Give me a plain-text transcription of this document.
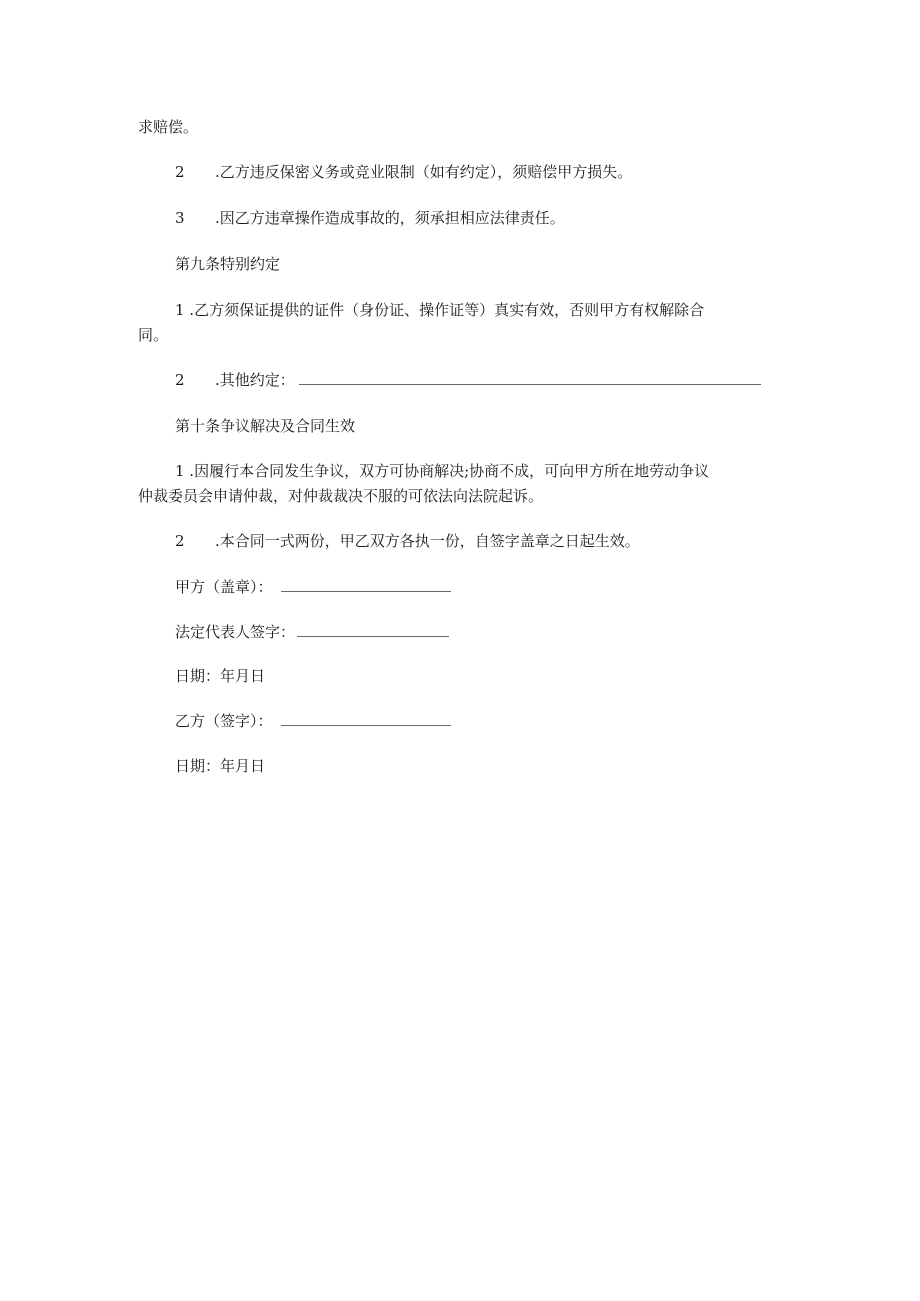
求赔偿。
2 .乙方违反保密义务或竞业限制（如有约定），须赔偿甲方损失。
3 .因乙方违章操作造成事故的，须承担相应法律责任。
第九条特别约定
1 .乙方须保证提供的证件（身份证、操作证等）真实有效，否则甲方有权解除合
同。
2 .其他约定：
第十条争议解决及合同生效
1 .因履行本合同发生争议，双方可协商解决;协商不成，可向甲方所在地劳动争议
仲裁委员会申请仲裁，对仲裁裁决不服的可依法向法院起诉。
2 .本合同一式两份，甲乙双方各执一份，自签字盖章之日起生效。
甲方（盖章）：
法定代表人签字：
日期：年月日
乙方（签字）：
日期：年月日
